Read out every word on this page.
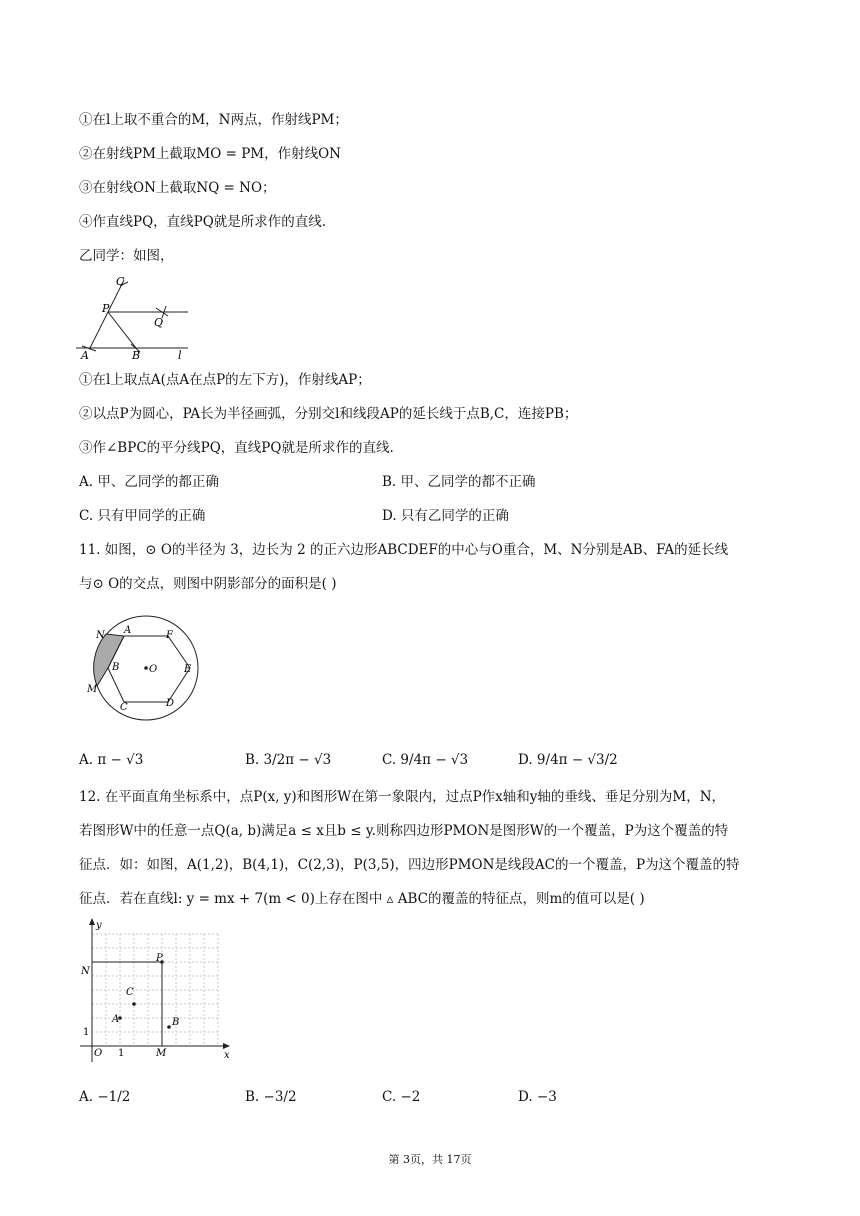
①在l上取不重合的M，N两点，作射线PM；
②在射线PM上截取MO = PM，作射线ON
③在射线ON上截取NQ = NO；
④作直线PQ，直线PQ就是所求作的直线.
乙同学：如图，
C
P
Q
A	B	l
①在l上取点A(点A在点P的左下方)，作射线AP；
②以点P为圆心，PA长为半径画弧，分别交l和线段AP的延长线于点B,C，连接PB；
③作∠BPC的平分线PQ，直线PQ就是所求作的直线.
A. 甲、乙同学的都正确	B. 甲、乙同学的都不正确
C. 只有甲同学的正确	D. 只有乙同学的正确
11. 如图，⊙ O的半径为 3，边长为 2 的正六边形ABCDEF的中心与O重合，M、N分别是AB、FA的延长线
与⊙ O的交点，则图中阴影部分的面积是( )
N A	F
B	O	E
M
C	D
A. π − √3	B. 3/2π − √3	C. 9/4π − √3	D. 9/4π − √3/2
12. 在平面直角坐标系中，点P(x, y)和图形W在第一象限内，过点P作x轴和y轴的垂线、垂足分别为M，N，
若图形W中的任意一点Q(a, b)满足a ≤ x且b ≤ y.则称四边形PMON是图形W的一个覆盖，P为这个覆盖的特
征点．如：如图，A(1,2)，B(4,1)，C(2,3)，P(3,5)，四边形PMON是线段AC的一个覆盖，P为这个覆盖的特
征点．若在直线l: y = mx + 7(m < 0)上存在图中 ▵ ABC的覆盖的特征点，则m的值可以是( )
y
x
O 1
1
M
N
P
C
A	B
A. −1/2	B. −3/2	C. −2	D. −3
第 3页，共 17页
